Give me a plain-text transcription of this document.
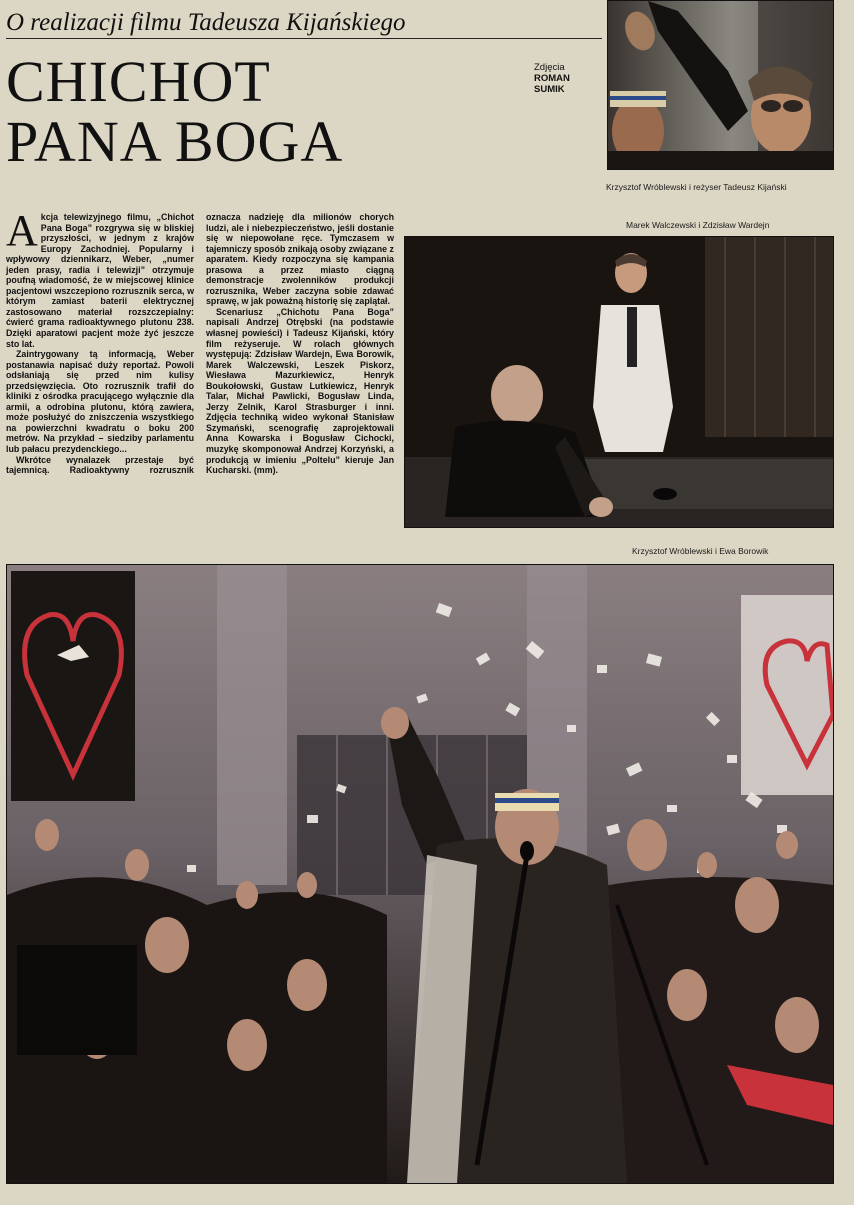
O realizacji filmu Tadeusza Kijańskiego
CHICHOT
PANA BOGA
Zdjęcia
ROMAN
SUMIK
Krzysztof Wróblewski i reżyser Tadeusz Kijański
Marek Walczewski i Zdzisław Wardejn
Krzysztof Wróblewski i Ewa Borowik

Akcja telewizyjnego filmu, „Chichot Pana Boga” rozgrywa się w bliskiej przyszłości, w jednym z krajów Europy Zachodniej. Popularny i wpływowy dziennikarz, Weber, „numer jeden prasy, radia i telewizji” otrzymuje poufną wiadomość, że w miejscowej klinice pacjentowi wszczepiono rozrusznik serca, w którym zamiast baterii elektrycznej zastosowano materiał rozszczepialny: ćwierć grama radioaktywnego plutonu 238. Dzięki aparatowi pacjent może żyć jeszcze sto lat.

Zaintrygowany tą informacją, Weber postanawia napisać duży reportaż. Powoli odsłaniają się przed nim kulisy przedsięwzięcia. Oto rozrusznik trafił do kliniki z ośrodka pracującego wyłącznie dla armii, a odrobina plutonu, którą zawiera, może posłużyć do zniszczenia wszystkiego na powierzchni kwadratu o boku 200 metrów. Na przykład – siedziby parlamentu lub pałacu prezydenckiego...

Wkrótce wynalazek przestaje być tajemnicą. Radioaktywny rozrusznik oznacza nadzieję dla milionów chorych ludzi, ale i niebezpieczeństwo, jeśli dostanie się w niepowołane ręce. Tymczasem w tajemniczy sposób znikają osoby związane z aparatem. Kiedy rozpoczyna się kampania prasowa a przez miasto ciągną demonstracje zwolenników produkcji rozrusznika, Weber zaczyna sobie zdawać sprawę, w jak poważną historię się zaplątał.

Scenariusz „Chichotu Pana Boga” napisali Andrzej Otrębski (na podstawie własnej powieści) i Tadeusz Kijański, który film reżyseruje. W rolach głównych występują: Zdzisław Wardejn, Ewa Borowik, Marek Walczewski, Leszek Piskorz, Wiesława Mazurkiewicz, Henryk Boukołowski, Gustaw Lutkiewicz, Henryk Talar, Michał Pawlicki, Bogusław Linda, Jerzy Zelnik, Karol Strasburger i inni. Zdjęcia techniką wideo wykonał Stanisław Szymański, scenografię zaprojektowali Anna Kowarska i Bogusław Cichocki, muzykę skomponował Andrzej Korzyński, a produkcją w imieniu „Poltelu” kieruje Jan Kucharski. (mm).
